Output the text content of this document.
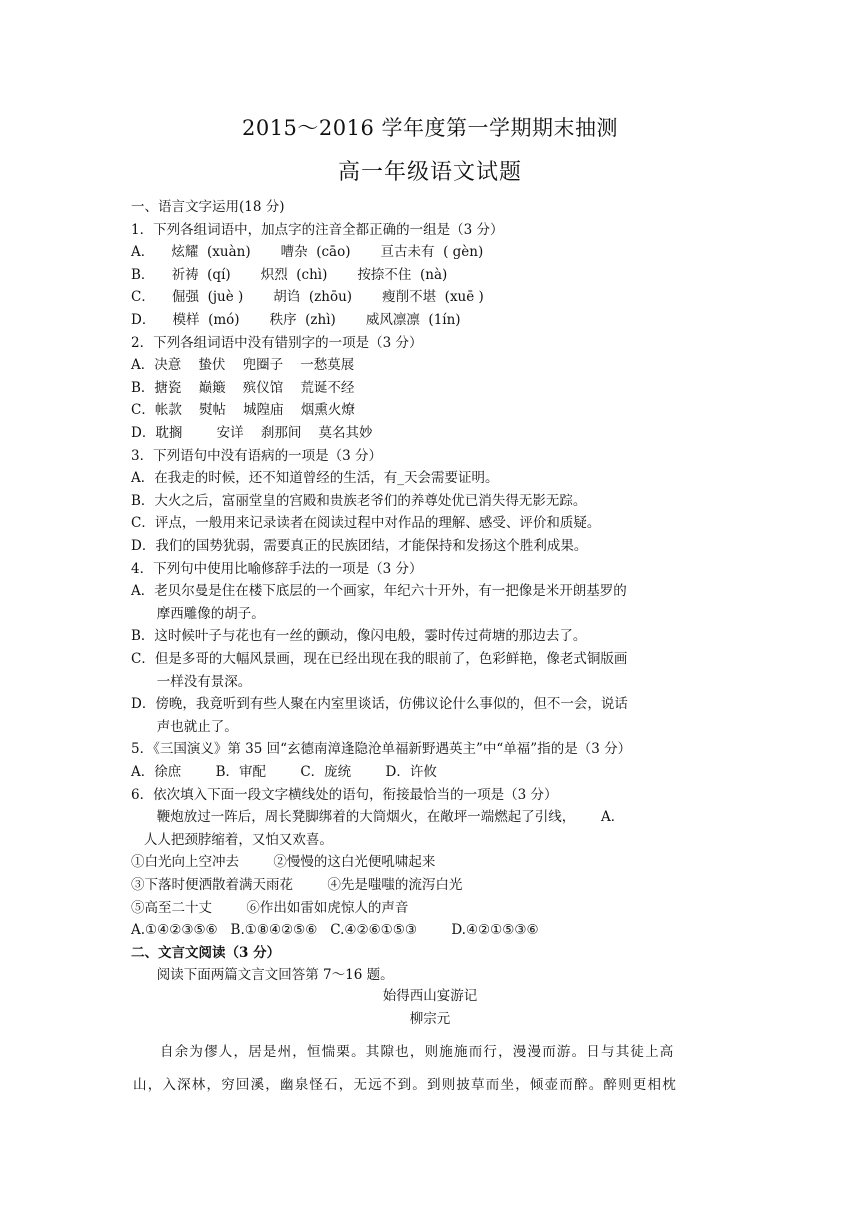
2015～2016 学年度第一学期期末抽测
高一年级语文试题
一、语言文字运用(18 分)
1．下列各组词语中，加点字的注音全都正确的一组是（3 分）
A．    炫耀  (xuàn)       嘈杂  (cāo)       亘古未有  ( gèn)
B．    祈祷  (qí)       炽烈  (chì)       按捺不住  (nà)
C．    倔强  (juè )       胡诌  (zhōu)       瘦削不堪  (xuē )
D．    模样  (mó)       秩序  (zhì)       威风凛凛  (1ín)
2．下列各组词语中没有错别字的一项是（3 分）
A．决意    蛰伏    兜圈子    一愁莫展
B．搪瓷    巅簸    殡仪馆    荒诞不经
C．帐款    熨帖    城隍庙    烟熏火燎
D．耽搁        安详    刹那间    莫名其妙
3．下列语句中没有语病的一项是（3 分）
A．在我走的时候，还不知道曾经的生活，有_天会需要证明。
B．大火之后，富丽堂皇的宫殿和贵族老爷们的养尊处优已消失得无影无踪。
C．评点，一般用来记录读者在阅读过程中对作品的理解、感受、评价和质疑。
D．我们的国势犹弱，需要真正的民族团结，才能保持和发扬这个胜利成果。
4．下列句中使用比喻修辞手法的一项是（3 分）
A．老贝尔曼是住在楼下底层的一个画家，年纪六十开外，有一把像是米开朗基罗的
摩西雕像的胡子。
B．这时候叶子与花也有一丝的颤动，像闪电般，霎时传过荷塘的那边去了。
C．但是多哥的大幅风景画，现在已经出现在我的眼前了，色彩鲜艳，像老式铜版画
一样没有景深。
D．傍晚，我竟听到有些人聚在内室里谈话，仿佛议论什么事似的，但不一会，说话
声也就止了。
5．《三国演义》第 35 回“玄德南漳逢隐沧单福新野遇英主”中“单福”指的是（3 分）
A．徐庶        B．审配        C．庞统        D．许攸
6．依次填入下面一段文字横线处的语句，衔接最恰当的一项是（3 分）
鞭炮放过一阵后，周长凳脚绑着的大筒烟火，在敞坪一端燃起了引线，      A．
人人把颈脖缩着，又怕又欢喜。
①白光向上空冲去        ②慢慢的这白光便吼啸起来
③下落时便洒散着满天雨花        ④先是嗤嗤的流泻白光
⑤高至二十丈        ⑥作出如雷如虎惊人的声音
A.①④②③⑤⑥   B.①⑧④②⑤⑥   C.④②⑥①⑤③        D.④②①⑤③⑥
二、文言文阅读（3 分）
阅读下面两篇文言文回答第 7～16 题。
始得西山宴游记
柳宗元
自余为僇人，居是州，恒惴栗。其隙也，则施施而行，漫漫而游。日与其徒上高
山，入深林，穷回溪，幽泉怪石，无远不到。到则披草而坐，倾壶而醉。醉则更相枕
